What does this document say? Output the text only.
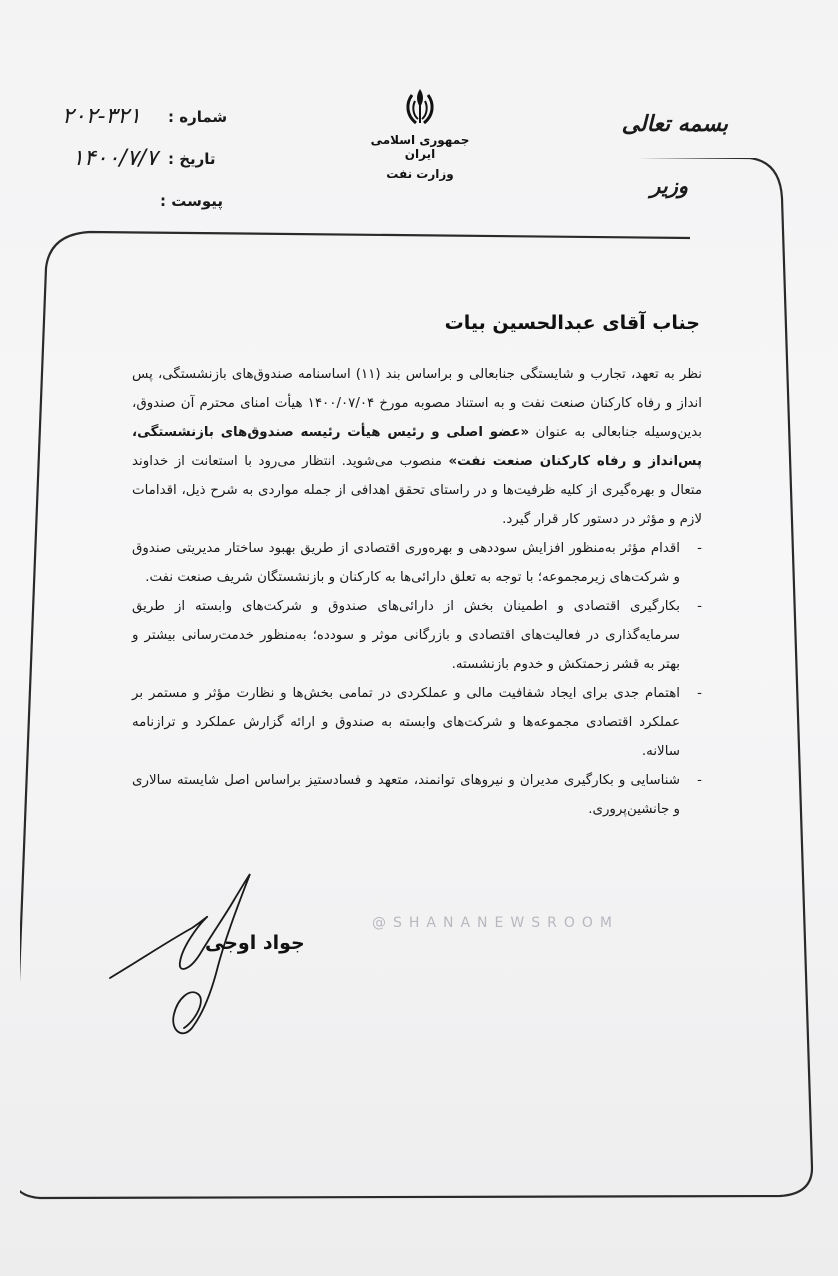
بسمه تعالی
وزیر
جمهوری اسلامی ایران
وزارت نفت
شماره :
تاریخ :
پیوست :
۲۰۲-۳۲۱
۱۴۰۰/۷/۷
جناب آقای عبدالحسین بیات

نظر به تعهد، تجارب و شایستگی جنابعالی و براساس بند (۱۱) اساسنامه صندوق‌های بازنشستگی، پس انداز و رفاه کارکنان صنعت نفت و به استناد مصوبه مورخ ۱۴۰۰/۰۷/۰۴ هیأت امنای محترم آن صندوق، بدین‌وسیله جنابعالی به عنوان «عضو اصلی و رئیس هیأت رئیسه صندوق‌های بازنشستگی، پس‌انداز و رفاه کارکنان صنعت نفت» منصوب می‌شوید. انتظار می‌رود با استعانت از خداوند متعال و بهره‌گیری از کلیه ظرفیت‌ها و در راستای تحقق اهدافی از جمله مواردی به شرح ذیل، اقدامات لازم و مؤثر در دستور کار قرار گیرد.

- اقدام مؤثر به‌منظور افزایش سوددهی و بهره‌وری اقتصادی از طریق بهبود ساختار مدیریتی صندوق و شرکت‌های زیرمجموعه؛ با توجه به تعلق دارائی‌ها به کارکنان و بازنشستگان شریف صنعت نفت.
- بکارگیری اقتصادی و اطمینان بخش از دارائی‌های صندوق و شرکت‌های وابسته از طریق سرمایه‌گذاری در فعالیت‌های اقتصادی و بازرگانی موثر و سودده؛ به‌منظور خدمت‌رسانی بیشتر و بهتر به قشر زحمتکش و خدوم بازنشسته.
- اهتمام جدی برای ایجاد شفافیت مالی و عملکردی در تمامی بخش‌ها و نظارت مؤثر و مستمر بر عملکرد اقتصادی مجموعه‌ها و شرکت‌های وابسته به صندوق و ارائه گزارش عملکرد و ترازنامه سالانه.
- شناسایی و بکارگیری مدیران و نیروهای توانمند، متعهد و فسادستیز براساس اصل شایسته سالاری و جانشین‌پروری.
@SHANANEWSROOM
جواد اوجی
